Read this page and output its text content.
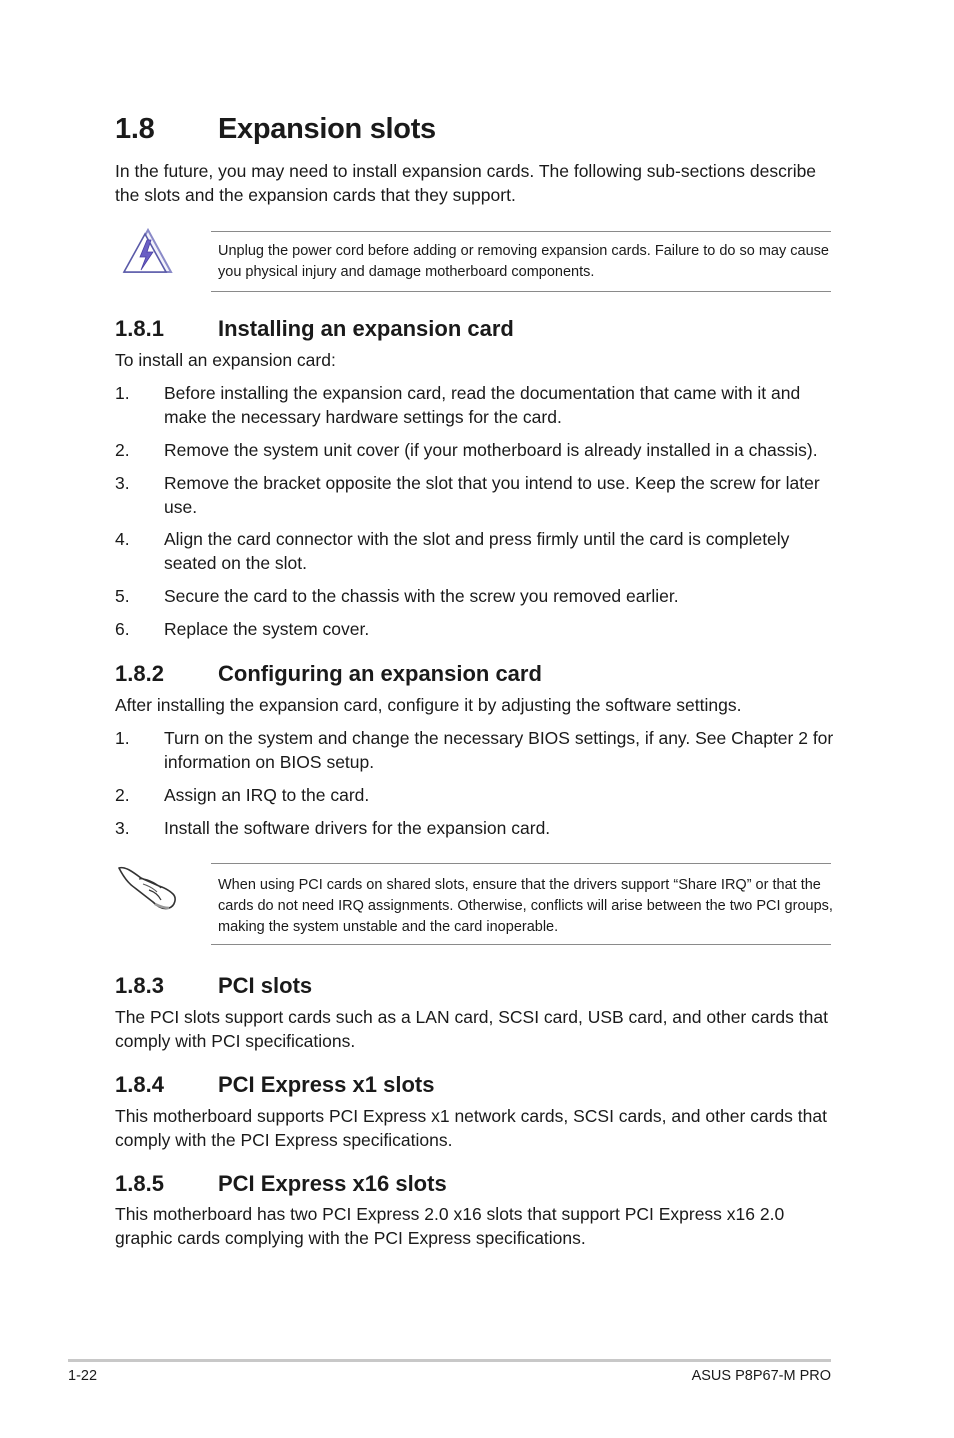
1.8 Expansion slots
In the future, you may need to install expansion cards. The following sub-sections describe the slots and the expansion cards that they support.
Unplug the power cord before adding or removing expansion cards. Failure to do so may cause you physical injury and damage motherboard components.
1.8.1 Installing an expansion card
To install an expansion card:
1. Before installing the expansion card, read the documentation that came with it and make the necessary hardware settings for the card.
2. Remove the system unit cover (if your motherboard is already installed in a chassis).
3. Remove the bracket opposite the slot that you intend to use. Keep the screw for later use.
4. Align the card connector with the slot and press firmly until the card is completely seated on the slot.
5. Secure the card to the chassis with the screw you removed earlier.
6. Replace the system cover.
1.8.2 Configuring an expansion card
After installing the expansion card, configure it by adjusting the software settings.
1. Turn on the system and change the necessary BIOS settings, if any. See Chapter 2 for information on BIOS setup.
2. Assign an IRQ to the card.
3. Install the software drivers for the expansion card.
When using PCI cards on shared slots, ensure that the drivers support “Share IRQ” or that the cards do not need IRQ assignments. Otherwise, conflicts will arise between the two PCI groups, making the system unstable and the card inoperable.
1.8.3 PCI slots
The PCI slots support cards such as a LAN card, SCSI card, USB card, and other cards that comply with PCI specifications.
1.8.4 PCI Express x1 slots
This motherboard supports PCI Express x1 network cards, SCSI cards, and other cards that comply with the PCI Express specifications.
1.8.5 PCI Express x16 slots
This motherboard has two PCI Express 2.0 x16 slots that support PCI Express x16 2.0 graphic cards complying with the PCI Express specifications.
1-22	ASUS P8P67-M PRO
